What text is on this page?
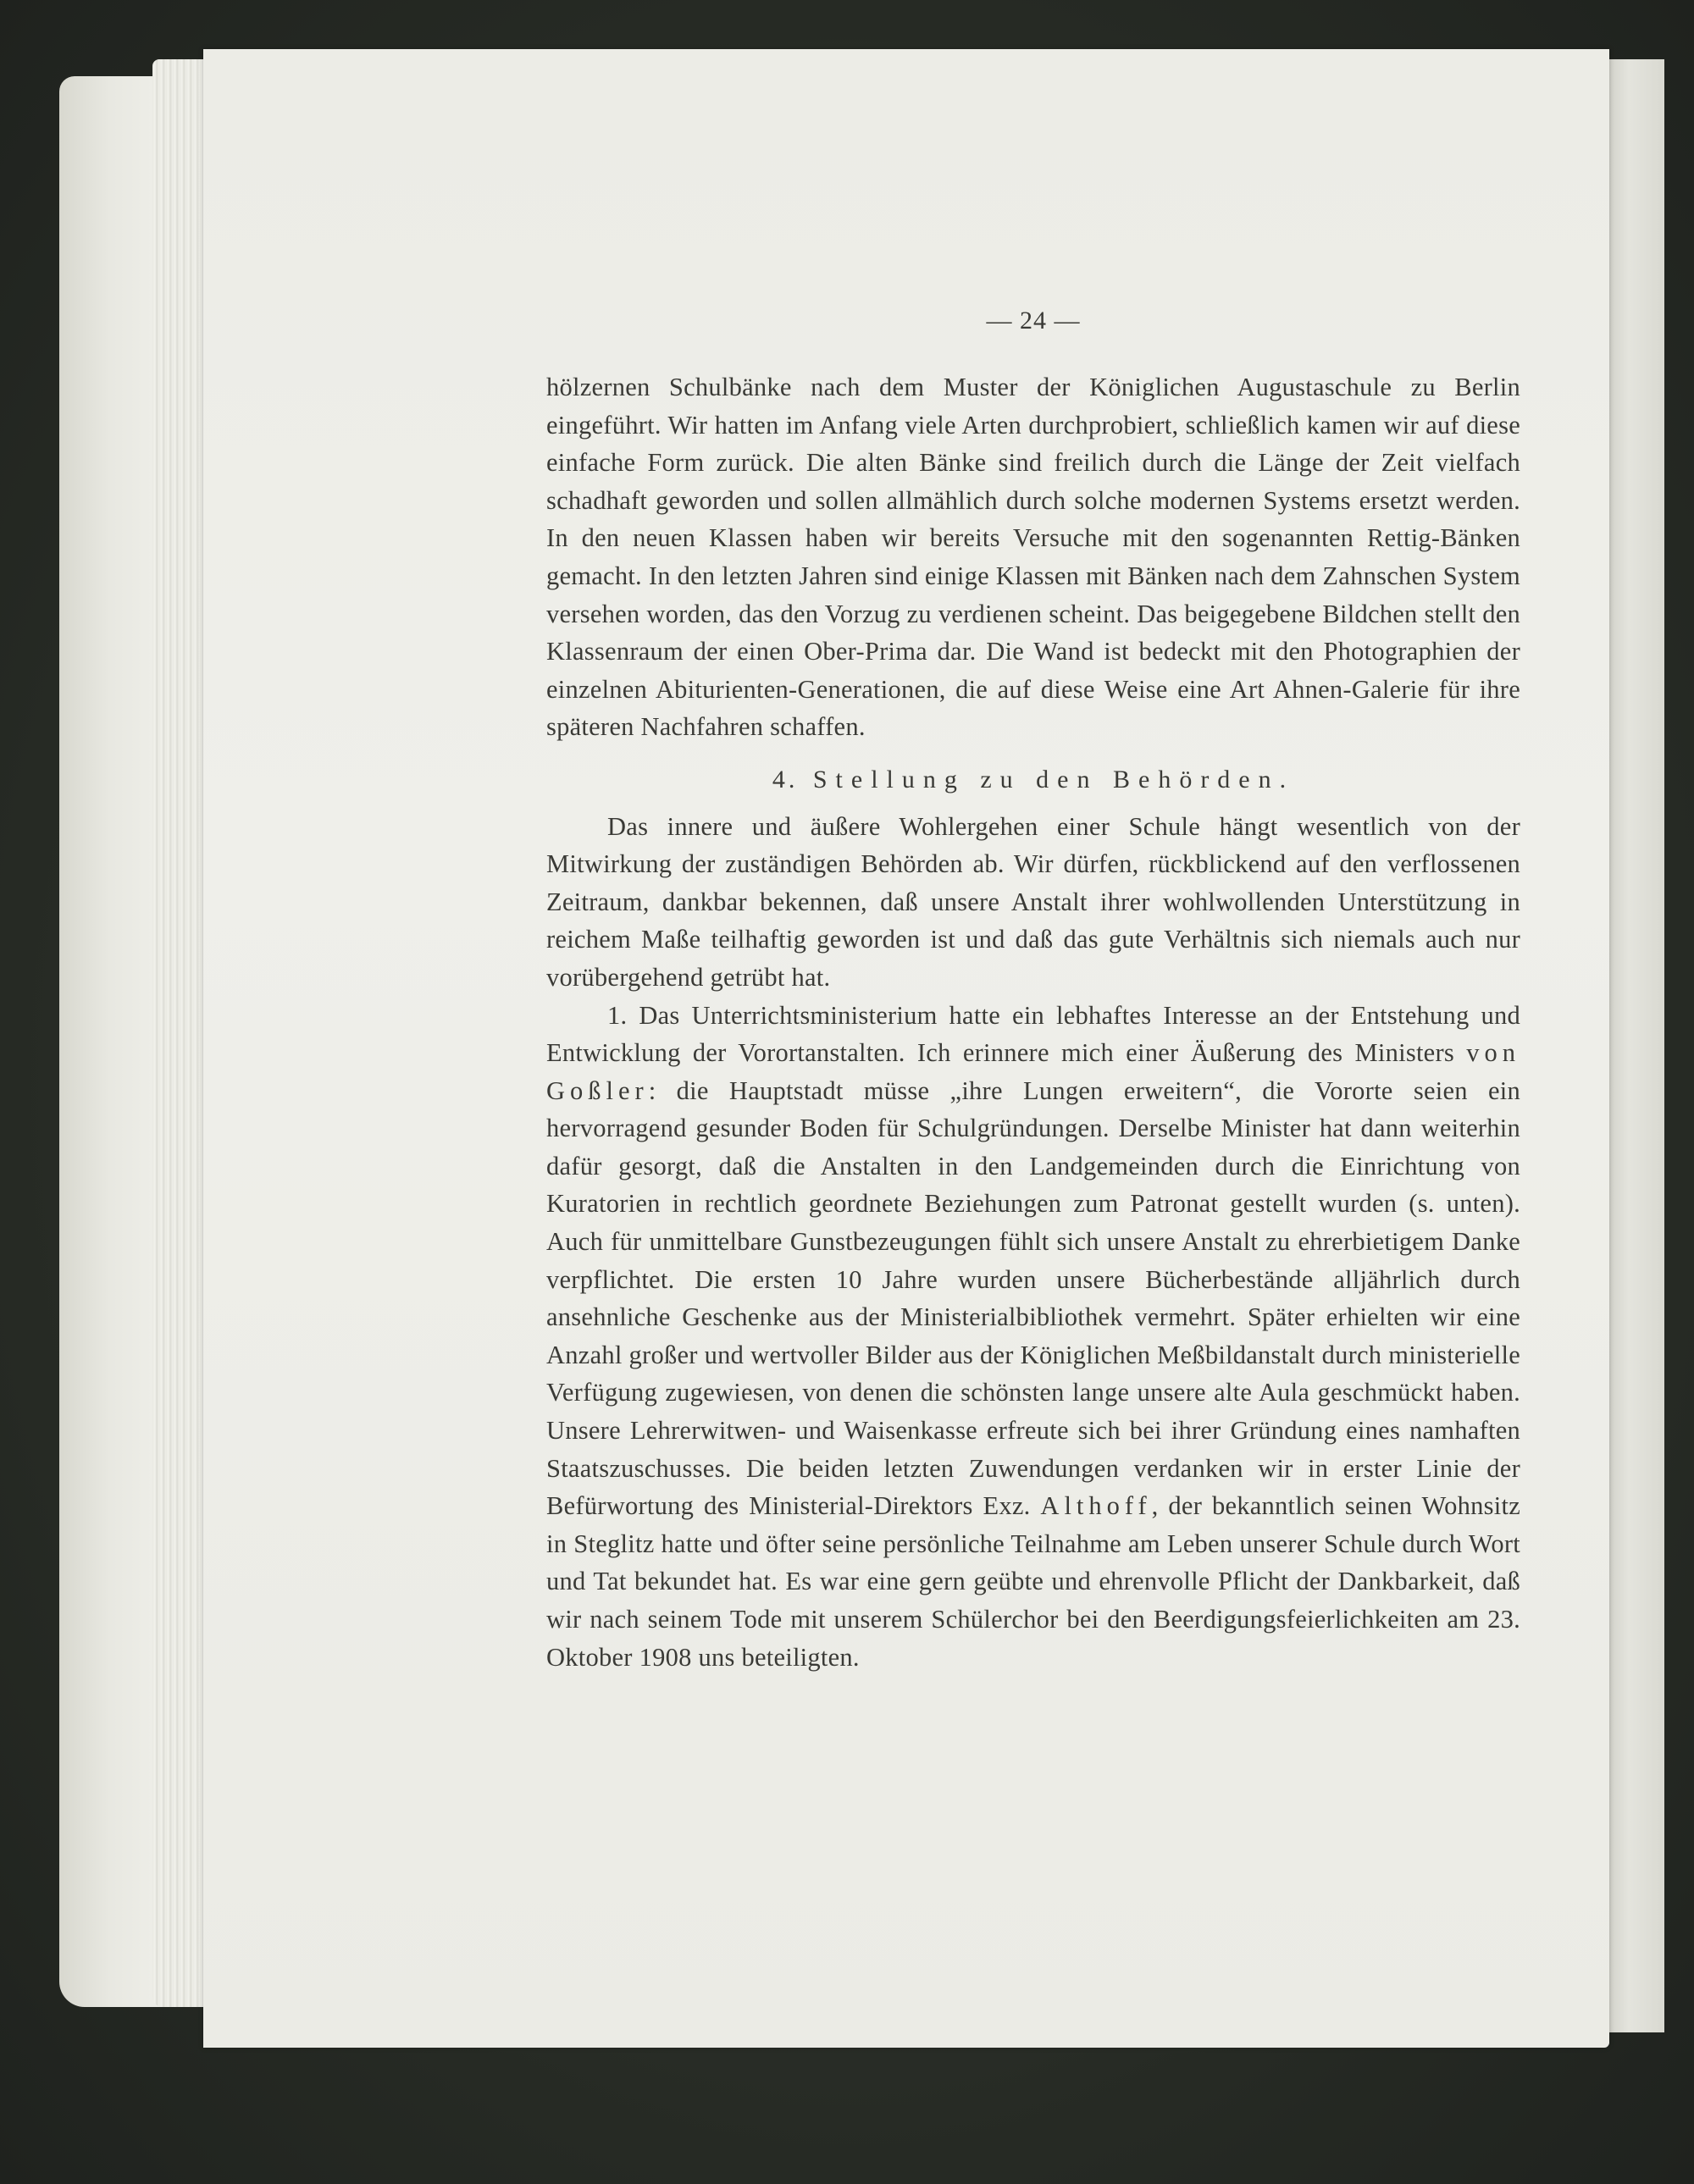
— 24 —

hölzernen Schulbänke nach dem Muster der Königlichen Augustaschule zu Berlin eingeführt. Wir hatten im Anfang viele Arten durchprobiert, schließlich kamen wir auf diese einfache Form zurück. Die alten Bänke sind freilich durch die Länge der Zeit vielfach schadhaft geworden und sollen allmählich durch solche modernen Systems ersetzt werden. In den neuen Klassen haben wir bereits Versuche mit den sogenannten Rettig-Bänken gemacht. In den letzten Jahren sind einige Klassen mit Bänken nach dem Zahnschen System versehen worden, das den Vorzug zu verdienen scheint. Das beigegebene Bildchen stellt den Klassenraum der einen Ober-Prima dar. Die Wand ist bedeckt mit den Photographien der einzelnen Abiturienten-Generationen, die auf diese Weise eine Art Ahnen-Galerie für ihre späteren Nachfahren schaffen.

4. Stellung zu den Behörden.

Das innere und äußere Wohlergehen einer Schule hängt wesentlich von der Mitwirkung der zuständigen Behörden ab. Wir dürfen, rückblickend auf den verflossenen Zeitraum, dankbar bekennen, daß unsere Anstalt ihrer wohlwollenden Unterstützung in reichem Maße teilhaftig geworden ist und daß das gute Verhältnis sich niemals auch nur vorübergehend getrübt hat.

1. Das Unterrichtsministerium hatte ein lebhaftes Interesse an der Entstehung und Entwicklung der Vorortanstalten. Ich erinnere mich einer Äußerung des Ministers von Goßler: die Hauptstadt müsse „ihre Lungen erweitern“, die Vororte seien ein hervorragend gesunder Boden für Schulgründungen. Derselbe Minister hat dann weiterhin dafür gesorgt, daß die Anstalten in den Landgemeinden durch die Einrichtung von Kuratorien in rechtlich geordnete Beziehungen zum Patronat gestellt wurden (s. unten). Auch für unmittelbare Gunstbezeugungen fühlt sich unsere Anstalt zu ehrerbietigem Danke verpflichtet. Die ersten 10 Jahre wurden unsere Bücherbestände alljährlich durch ansehnliche Geschenke aus der Ministerialbibliothek vermehrt. Später erhielten wir eine Anzahl großer und wertvoller Bilder aus der Königlichen Meßbildanstalt durch ministerielle Verfügung zugewiesen, von denen die schönsten lange unsere alte Aula geschmückt haben. Unsere Lehrerwitwen- und Waisenkasse erfreute sich bei ihrer Gründung eines namhaften Staatszuschusses. Die beiden letzten Zuwendungen verdanken wir in erster Linie der Befürwortung des Ministerial-Direktors Exz. Althoff, der bekanntlich seinen Wohnsitz in Steglitz hatte und öfter seine persönliche Teilnahme am Leben unserer Schule durch Wort und Tat bekundet hat. Es war eine gern geübte und ehrenvolle Pflicht der Dankbarkeit, daß wir nach seinem Tode mit unserem Schülerchor bei den Beerdigungsfeierlichkeiten am 23. Oktober 1908 uns beteiligten.
